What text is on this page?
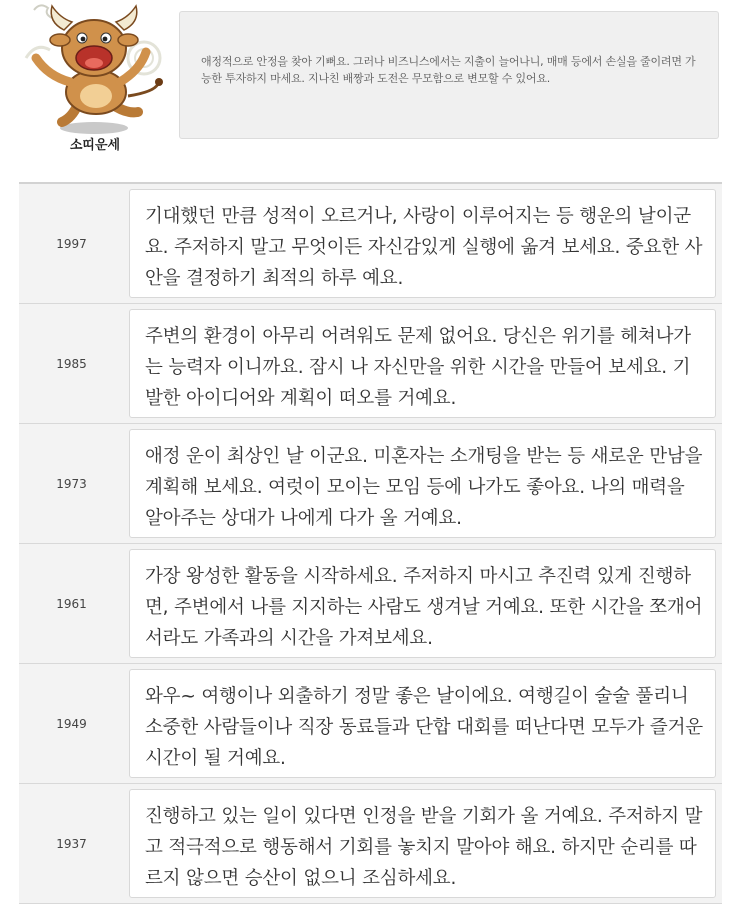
소띠운세
애정적으로 안정을 찾아 기뻐요. 그러나 비즈니스에서는 지출이 늘어나니, 매매 등에서 손실을 줄이려면 가능한 투자하지 마세요. 지나친 배짱과 도전은 무모함으로 변모할 수 있어요.
1997
기대했던 만큼 성적이 오르거나, 사랑이 이루어지는 등 행운의 날이군요. 주저하지 말고 무엇이든 자신감있게 실행에 옮겨 보세요. 중요한 사안을 결정하기 최적의 하루 예요.
1985
주변의 환경이 아무리 어려워도 문제 없어요. 당신은 위기를 헤쳐나가는 능력자 이니까요. 잠시 나 자신만을 위한 시간을 만들어 보세요. 기발한 아이디어와 계획이 떠오를 거예요.
1973
애정 운이 최상인 날 이군요. 미혼자는 소개팅을 받는 등 새로운 만남을 계획해 보세요. 여럿이 모이는 모임 등에 나가도 좋아요. 나의 매력을 알아주는 상대가 나에게 다가 올 거예요.
1961
가장 왕성한 활동을 시작하세요. 주저하지 마시고 추진력 있게 진행하면, 주변에서 나를 지지하는 사람도 생겨날 거예요. 또한 시간을 쪼개어 서라도 가족과의 시간을 가져보세요.
1949
와우~ 여행이나 외출하기 정말 좋은 날이에요. 여행길이 술술 풀리니 소중한 사람들이나 직장 동료들과 단합 대회를 떠난다면 모두가 즐거운 시간이 될 거예요.
1937
진행하고 있는 일이 있다면 인정을 받을 기회가 올 거예요. 주저하지 말고 적극적으로 행동해서 기회를 놓치지 말아야 해요. 하지만 순리를 따르지 않으면 승산이 없으니 조심하세요.
